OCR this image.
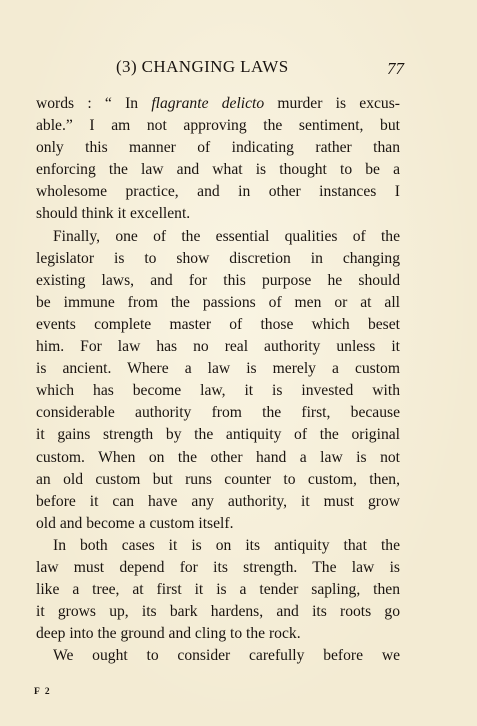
(3) CHANGING LAWS	77
words : “ In flagrante delicto murder is excus-
able.” I am not approving the sentiment, but
only this manner of indicating rather than
enforcing the law and what is thought to be a
wholesome practice, and in other instances I
should think it excellent.
Finally, one of the essential qualities of the
legislator is to show discretion in changing
existing laws, and for this purpose he should
be immune from the passions of men or at all
events complete master of those which beset
him. For law has no real authority unless it
is ancient. Where a law is merely a custom
which has become law, it is invested with
considerable authority from the first, because
it gains strength by the antiquity of the original
custom. When on the other hand a law is not
an old custom but runs counter to custom, then,
before it can have any authority, it must grow
old and become a custom itself.
In both cases it is on its antiquity that the
law must depend for its strength. The law is
like a tree, at first it is a tender sapling, then
it grows up, its bark hardens, and its roots go
deep into the ground and cling to the rock.
We ought to consider carefully before we
F 2
